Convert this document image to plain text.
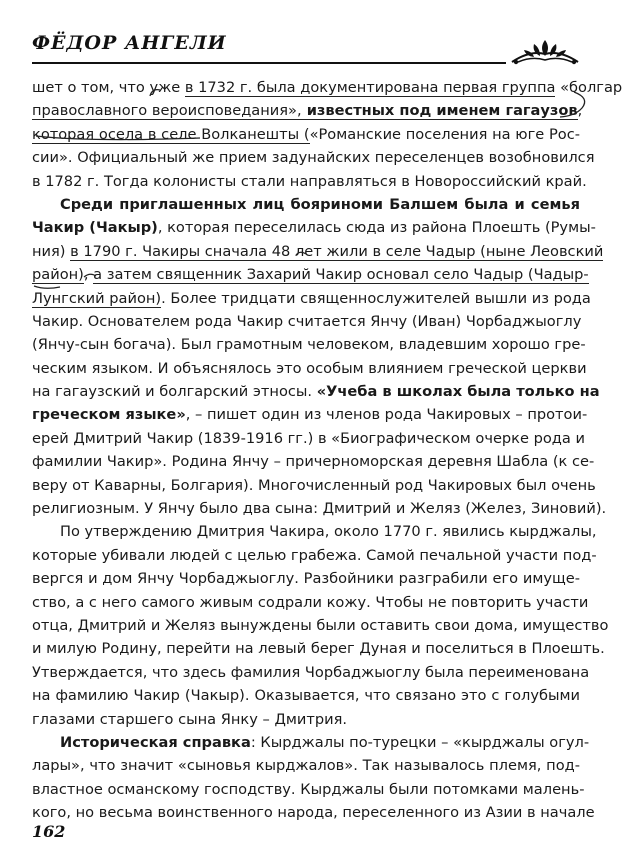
ФЁДОР АНГЕЛИ
шет о том, что уже в 1732 г. была документирована первая группа «болгар
православного вероисповедания», известных под именем гагаузов,
которая осела в селе Волканешты («Романские поселения на юге Рос-
сии». Официальный же прием задунайских переселенцев возобновился
в 1782 г. Тогда колонисты стали направляться в Новороссийский край.
Среди приглашенных лиц бояриноми Балшем была и семья
Чакир (Чакыр), которая переселилась сюда из района Плоешть (Румы-
ния) в 1790 г. Чакиры сначала 48 лет жили в селе Чадыр (ныне Леовский
район), а затем священник Захарий Чакир основал село Чадыр (Чадыр-
Лунгский район). Более тридцати священнослужителей вышли из рода
Чакир. Основателем рода Чакир считается Янчу (Иван) Чорбаджыоглу
(Янчу-сын богача). Был грамотным человеком, владевшим хорошо гре-
ческим языком. И объяснялось это особым влиянием греческой церкви
на гагаузский и болгарский этносы. «Учеба в школах была только на
греческом языке», – пишет один из членов рода Чакировых – протои-
ерей Дмитрий Чакир (1839-1916 гг.) в «Биографическом очерке рода и
фамилии Чакир». Родина Янчу – причерноморская деревня Шабла (к се-
веру от Каварны, Болгария). Многочисленный род Чакировых был очень
религиозным. У Янчу было два сына: Дмитрий и Желяз (Желез, Зиновий).
По утверждению Дмитрия Чакира, около 1770 г. явились кырджалы,
которые убивали людей с целью грабежа. Самой печальной участи под-
вергся и дом Янчу Чорбаджыоглу. Разбойники разграбили его имуще-
ство, а с него самого живым содрали кожу. Чтобы не повторить участи
отца, Дмитрий и Желяз вынуждены были оставить свои дома, имущество
и милую Родину, перейти на левый берег Дуная и поселиться в Плоешть.
Утверждается, что здесь фамилия Чорбаджыоглу была переименована
на фамилию Чакир (Чакыр). Оказывается, что связано это с голубыми
глазами старшего сына Янку – Дмитрия.
Историческая справка: Кырджалы по-турецки – «кырджалы огул-
лары», что значит «сыновья кырджалов». Так называлось племя, под-
властное османскому господству. Кырджалы были потомками малень-
кого, но весьма воинственного народа, переселенного из Азии в начале
162
